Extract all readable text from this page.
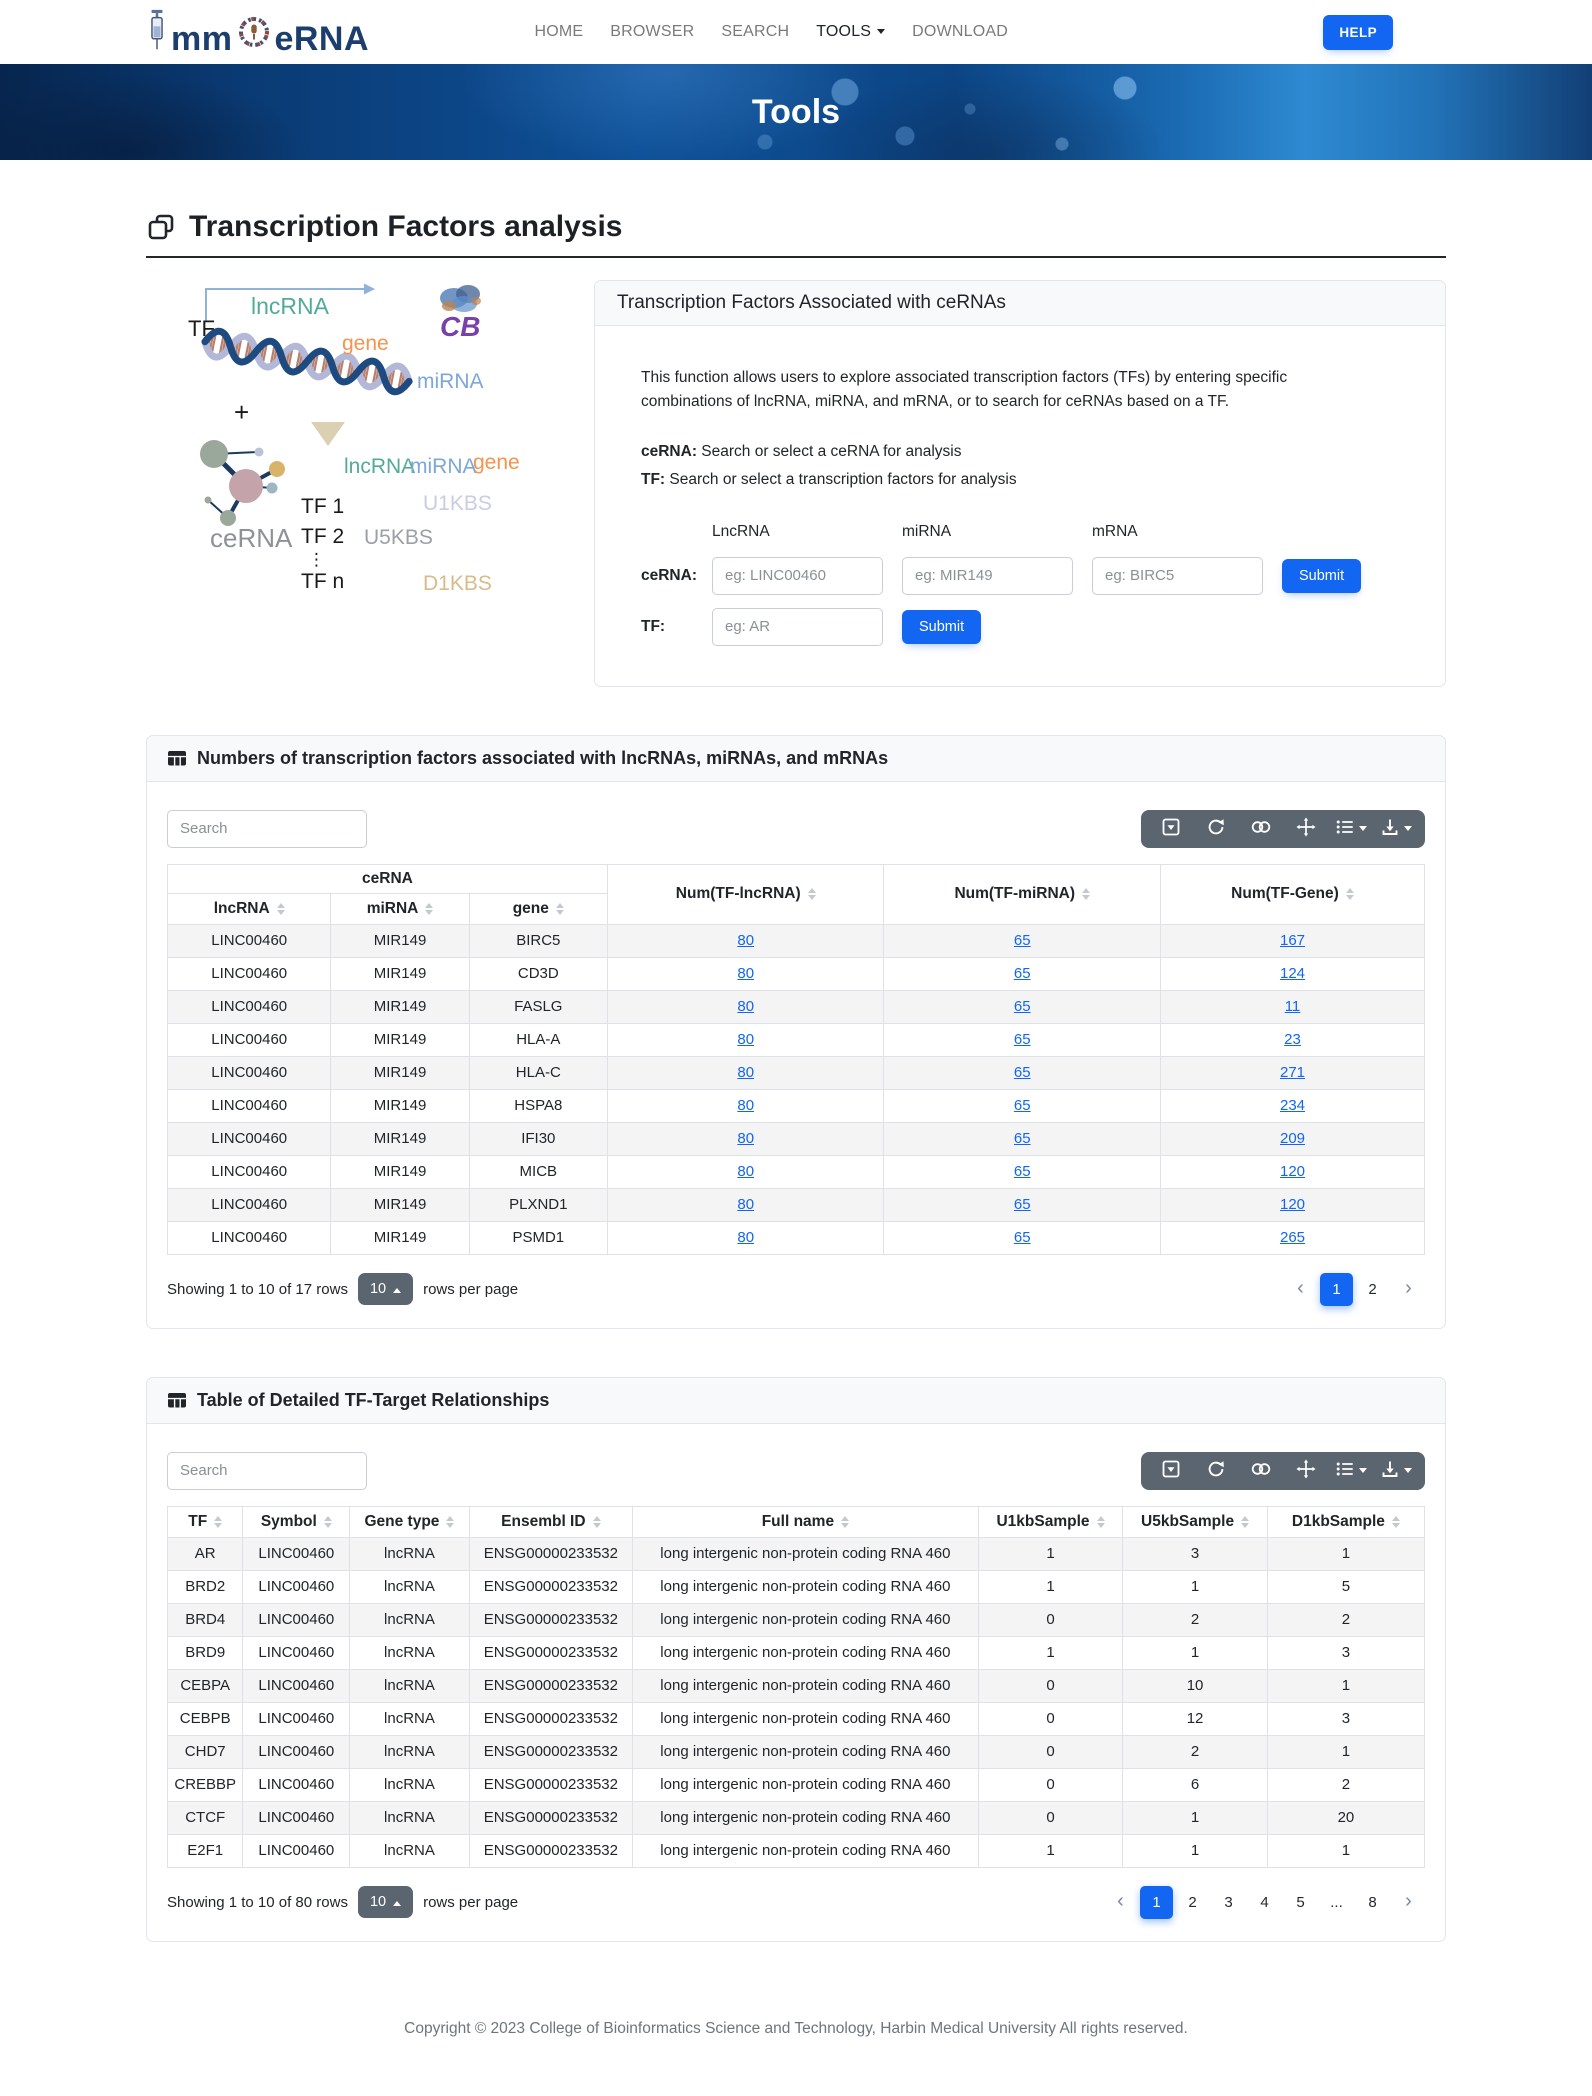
mm eRNA	HOME BROWSER SEARCH TOOLS	DOWNLOAD	HELP
Tools
Transcription Factors analysis
CB
TF
lncRNA
gene
miRNA
+
ceRNA
TF 1
TF 2
⋮
TF n
lncRNA
miRNA
gene
U1KBS
U5KBS
D1KBS
Transcription Factors Associated with ceRNAs

This function allows users to explore associated transcription factors (TFs) by entering specific combinations of lncRNA, miRNA, and mRNA, or to search for ceRNAs based on a TF.

ceRNA: Search or select a ceRNA for analysis
TF: Search or select a transcription factors for analysis
LncRNA	miRNA	mRNA
ceRNA:
eg: LINC00460
eg: MIR149
eg: BIRC5	Submit
TF:
eg: AR	Submit
Numbers of transcription factors associated with lncRNAs, miRNAs, and mRNAs
Search
ceRNA			Num(TF-lncRNA)	Num(TF-miRNA)	Num(TF-Gene)

lncRNA	miRNA	gene			

LINC00460	MIR149	BIRC5	80	65	167
LINC00460	MIR149	CD3D	80	65	124
LINC00460	MIR149	FASLG	80	65	11
LINC00460	MIR149	HLA-A	80	65	23
LINC00460	MIR149	HLA-C	80	65	271
LINC00460	MIR149	HSPA8	80	65	234
LINC00460	MIR149	IFI30	80	65	209
LINC00460	MIR149	MICB	80	65	120
LINC00460	MIR149	PLXND1	80	65	120
LINC00460	MIR149	PSMD1	80	65	265
Showing 1 to 10 of 17 rows 10 rows per page	‹	1	2	›
Table of Detailed TF-Target Relationships
Search
TF	Symbol	Gene type	Ensembl ID	Full name	U1kbSample	U5kbSample	D1kbSample

AR	LINC00460	lncRNA	ENSG00000233532	long intergenic non-protein coding RNA 460	1	3	1
BRD2	LINC00460	lncRNA	ENSG00000233532	long intergenic non-protein coding RNA 460	1	1	5
BRD4	LINC00460	lncRNA	ENSG00000233532	long intergenic non-protein coding RNA 460	0	2	2
BRD9	LINC00460	lncRNA	ENSG00000233532	long intergenic non-protein coding RNA 460	1	1	3
CEBPA	LINC00460	lncRNA	ENSG00000233532	long intergenic non-protein coding RNA 460	0	10	1
CEBPB	LINC00460	lncRNA	ENSG00000233532	long intergenic non-protein coding RNA 460	0	12	3
CHD7	LINC00460	lncRNA	ENSG00000233532	long intergenic non-protein coding RNA 460	0	2	1
CREBBP	LINC00460	lncRNA	ENSG00000233532	long intergenic non-protein coding RNA 460	0	6	2
CTCF	LINC00460	lncRNA	ENSG00000233532	long intergenic non-protein coding RNA 460	0	1	20
E2F1	LINC00460	lncRNA	ENSG00000233532	long intergenic non-protein coding RNA 460	1	1	1
Showing 1 to 10 of 80 rows 10 rows per page	‹	1	2	3	4	5	...	8	›
Copyright © 2023 College of Bioinformatics Science and Technology, Harbin Medical University All rights reserved.
